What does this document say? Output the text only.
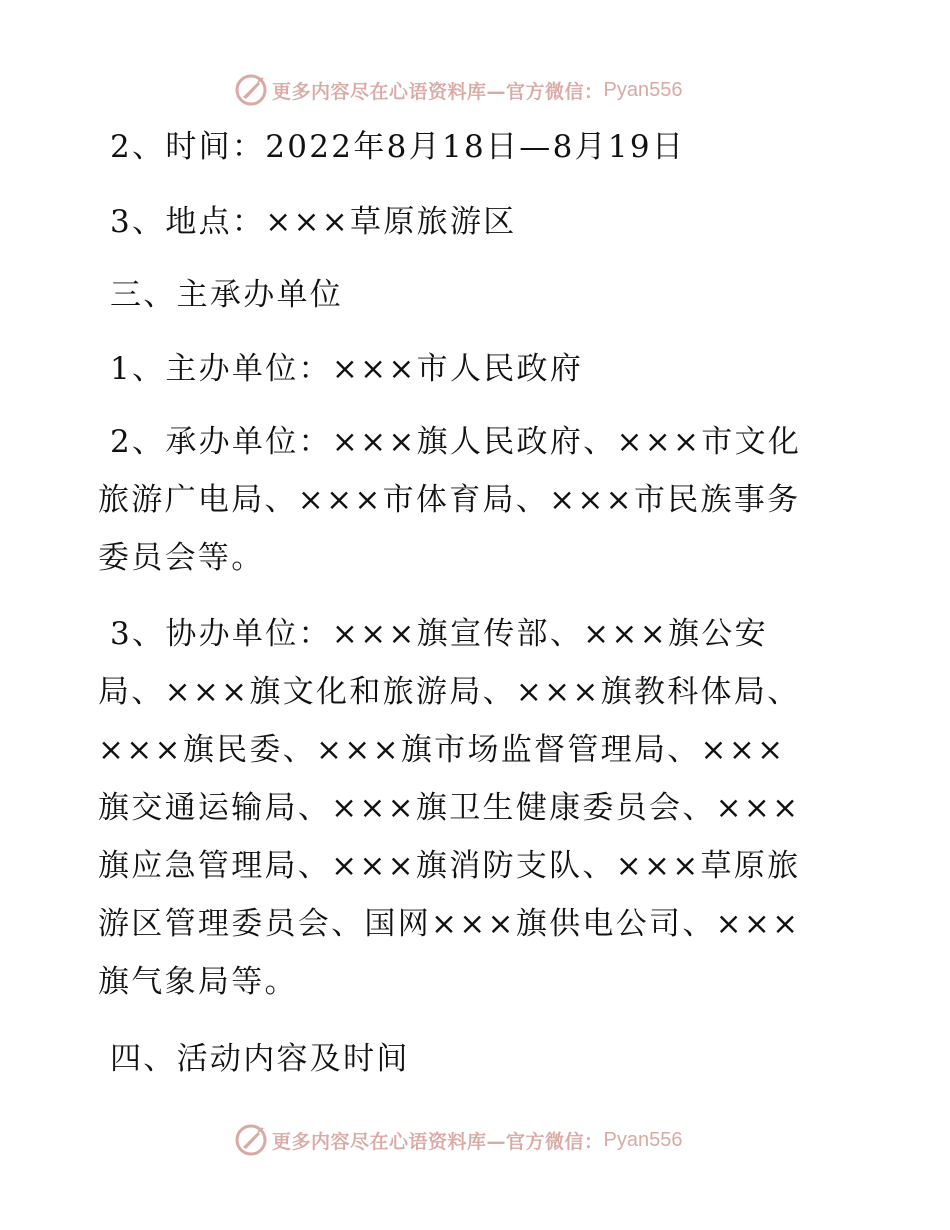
更多内容尽在心语资料库—官方微信： Pyan556

2、时间：2022年8月18日—8月19日

3、地点：×××草原旅游区

三、主承办单位

1、主办单位：×××市人民政府

2、承办单位：×××旗人民政府、×××市文化
旅游广电局、×××市体育局、×××市民族事务
委员会等。

3、协办单位：×××旗宣传部、×××旗公安
局、×××旗文化和旅游局、×××旗教科体局、
×××旗民委、×××旗市场监督管理局、×××
旗交通运输局、×××旗卫生健康委员会、×××
旗应急管理局、×××旗消防支队、×××草原旅
游区管理委员会、国网×××旗供电公司、×××
旗气象局等。

四、活动内容及时间

更多内容尽在心语资料库—官方微信： Pyan556
